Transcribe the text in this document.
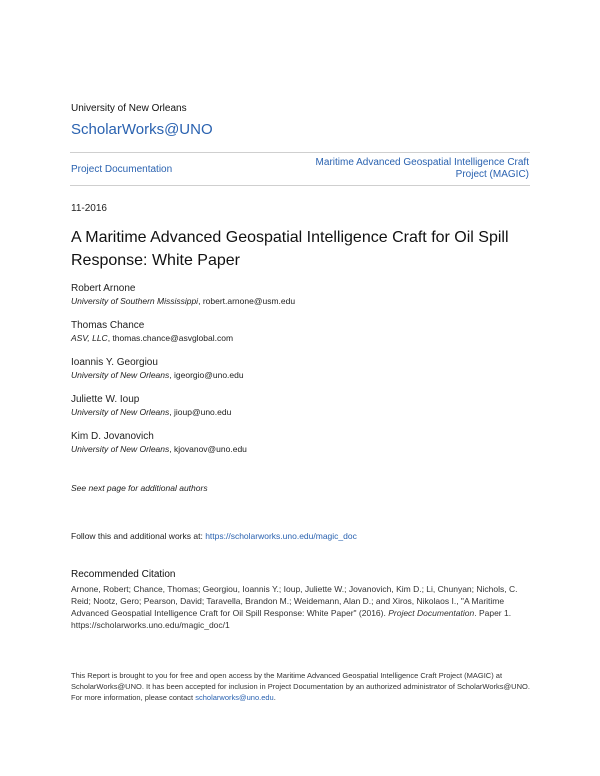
University of New Orleans
ScholarWorks@UNO
Project Documentation
Maritime Advanced Geospatial Intelligence Craft Project (MAGIC)
11-2016
A Maritime Advanced Geospatial Intelligence Craft for Oil Spill Response: White Paper
Robert Arnone
University of Southern Mississippi, robert.arnone@usm.edu
Thomas Chance
ASV, LLC, thomas.chance@asvglobal.com
Ioannis Y. Georgiou
University of New Orleans, igeorgio@uno.edu
Juliette W. Ioup
University of New Orleans, jioup@uno.edu
Kim D. Jovanovich
University of New Orleans, kjovanov@uno.edu
See next page for additional authors
Follow this and additional works at: https://scholarworks.uno.edu/magic_doc
Recommended Citation
Arnone, Robert; Chance, Thomas; Georgiou, Ioannis Y.; Ioup, Juliette W.; Jovanovich, Kim D.; Li, Chunyan; Nichols, C. Reid; Nootz, Gero; Pearson, David; Taravella, Brandon M.; Weidemann, Alan D.; and Xiros, Nikolaos I., "A Maritime Advanced Geospatial Intelligence Craft for Oil Spill Response: White Paper" (2016). Project Documentation. Paper 1.
https://scholarworks.uno.edu/magic_doc/1
This Report is brought to you for free and open access by the Maritime Advanced Geospatial Intelligence Craft Project (MAGIC) at ScholarWorks@UNO. It has been accepted for inclusion in Project Documentation by an authorized administrator of ScholarWorks@UNO. For more information, please contact scholarworks@uno.edu.
